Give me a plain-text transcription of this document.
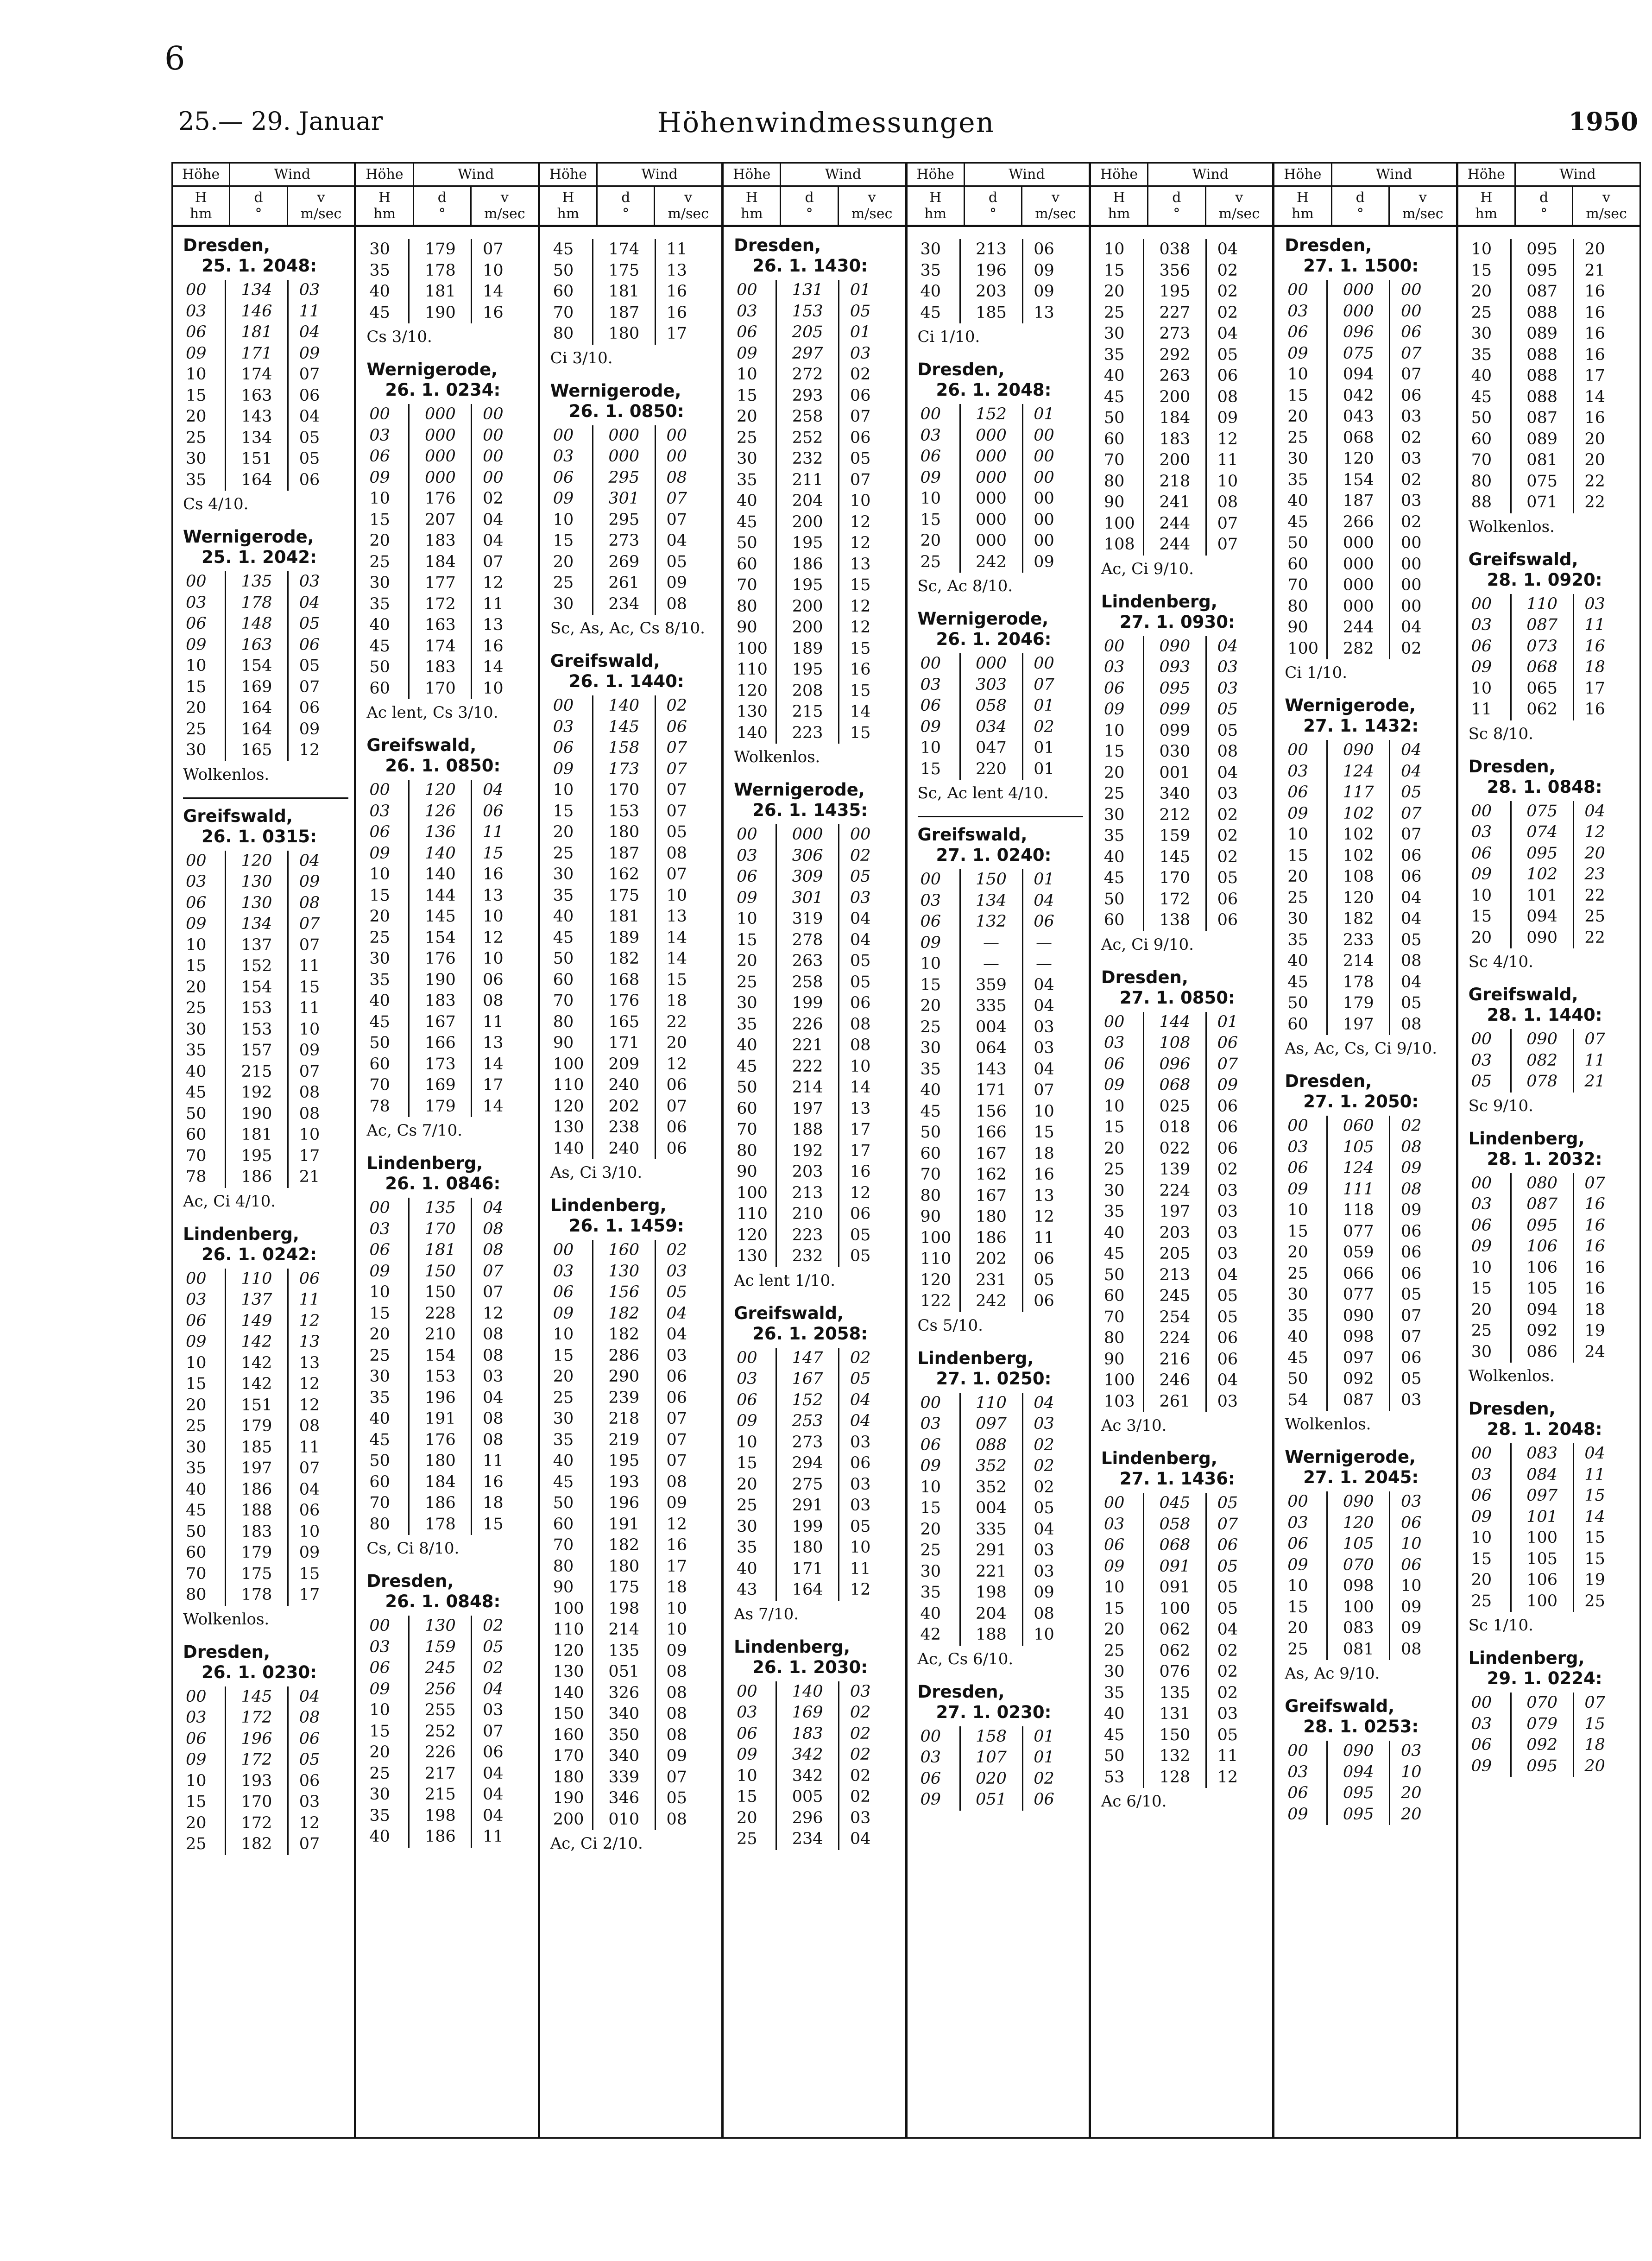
6
25.— 29. Januar	Höhenwindmessungen	1950
Höhe	Wind
H
hm
d
°
v
m/sec
Dresden,
25. 1. 2048:
00	134	03
03	146	11
06	181	04
09	171	09
10	174	07
15	163	06
20	143	04
25	134	05
30	151	05
35	164	06
Cs 4/10.
Wernigerode,
25. 1. 2042:
00	135	03
03	178	04
06	148	05
09	163	06
10	154	05
15	169	07
20	164	06
25	164	09
30	165	12
Wolkenlos.
Greifswald,
26. 1. 0315:
00	120	04
03	130	09
06	130	08
09	134	07
10	137	07
15	152	11
20	154	15
25	153	11
30	153	10
35	157	09
40	215	07
45	192	08
50	190	08
60	181	10
70	195	17
78	186	21
Ac, Ci 4/10.
Lindenberg,
26. 1. 0242:
00	110	06
03	137	11
06	149	12
09	142	13
10	142	13
15	142	12
20	151	12
25	179	08
30	185	11
35	197	07
40	186	04
45	188	06
50	183	10
60	179	09
70	175	15
80	178	17
Wolkenlos.
Dresden,
26. 1. 0230:
00	145	04
03	172	08
06	196	06
09	172	05
10	193	06
15	170	03
20	172	12
25	182	07
Höhe	Wind
H
hm
d
°
v
m/sec
30	179	07
35	178	10
40	181	14
45	190	16
Cs 3/10.
Wernigerode,
26. 1. 0234:
00	000	00
03	000	00
06	000	00
09	000	00
10	176	02
15	207	04
20	183	04
25	184	07
30	177	12
35	172	11
40	163	13
45	174	16
50	183	14
60	170	10
Ac lent, Cs 3/10.
Greifswald,
26. 1. 0850:
00	120	04
03	126	06
06	136	11
09	140	15
10	140	16
15	144	13
20	145	10
25	154	12
30	176	10
35	190	06
40	183	08
45	167	11
50	166	13
60	173	14
70	169	17
78	179	14
Ac, Cs 7/10.
Lindenberg,
26. 1. 0846:
00	135	04
03	170	08
06	181	08
09	150	07
10	150	07
15	228	12
20	210	08
25	154	08
30	153	03
35	196	04
40	191	08
45	176	08
50	180	11
60	184	16
70	186	18
80	178	15
Cs, Ci 8/10.
Dresden,
26. 1. 0848:
00	130	02
03	159	05
06	245	02
09	256	04
10	255	03
15	252	07
20	226	06
25	217	04
30	215	04
35	198	04
40	186	11
Höhe	Wind
H
hm
d
°
v
m/sec
45	174	11
50	175	13
60	181	16
70	187	16
80	180	17
Ci 3/10.
Wernigerode,
26. 1. 0850:
00	000	00
03	000	00
06	295	08
09	301	07
10	295	07
15	273	04
20	269	05
25	261	09
30	234	08
Sc, As, Ac, Cs 8/10.
Greifswald,
26. 1. 1440:
00	140	02
03	145	06
06	158	07
09	173	07
10	170	07
15	153	07
20	180	05
25	187	08
30	162	07
35	175	10
40	181	13
45	189	14
50	182	14
60	168	15
70	176	18
80	165	22
90	171	20
100	209	12
110	240	06
120	202	07
130	238	06
140	240	06
As, Ci 3/10.
Lindenberg,
26. 1. 1459:
00	160	02
03	130	03
06	156	05
09	182	04
10	182	04
15	286	03
20	290	06
25	239	06
30	218	07
35	219	07
40	195	07
45	193	08
50	196	09
60	191	12
70	182	16
80	180	17
90	175	18
100	198	10
110	214	10
120	135	09
130	051	08
140	326	08
150	340	08
160	350	08
170	340	09
180	339	07
190	346	05
200	010	08
Ac, Ci 2/10.
Höhe	Wind
H
hm
d
°
v
m/sec
Dresden,
26. 1. 1430:
00	131	01
03	153	05
06	205	01
09	297	03
10	272	02
15	293	06
20	258	07
25	252	06
30	232	05
35	211	07
40	204	10
45	200	12
50	195	12
60	186	13
70	195	15
80	200	12
90	200	12
100	189	15
110	195	16
120	208	15
130	215	14
140	223	15
Wolkenlos.
Wernigerode,
26. 1. 1435:
00	000	00
03	306	02
06	309	05
09	301	03
10	319	04
15	278	04
20	263	05
25	258	05
30	199	06
35	226	08
40	221	08
45	222	10
50	214	14
60	197	13
70	188	17
80	192	17
90	203	16
100	213	12
110	210	06
120	223	05
130	232	05
Ac lent 1/10.
Greifswald,
26. 1. 2058:
00	147	02
03	167	05
06	152	04
09	253	04
10	273	03
15	294	06
20	275	03
25	291	03
30	199	05
35	180	10
40	171	11
43	164	12
As 7/10.
Lindenberg,
26. 1. 2030:
00	140	03
03	169	02
06	183	02
09	342	02
10	342	02
15	005	02
20	296	03
25	234	04
Höhe	Wind
H
hm
d
°
v
m/sec
30	213	06
35	196	09
40	203	09
45	185	13
Ci 1/10.
Dresden,
26. 1. 2048:
00	152	01
03	000	00
06	000	00
09	000	00
10	000	00
15	000	00
20	000	00
25	242	09
Sc, Ac 8/10.
Wernigerode,
26. 1. 2046:
00	000	00
03	303	07
06	058	01
09	034	02
10	047	01
15	220	01
Sc, Ac lent 4/10.
Greifswald,
27. 1. 0240:
00	150	01
03	134	04
06	132	06
09	—	—
10	—	—
15	359	04
20	335	04
25	004	03
30	064	03
35	143	04
40	171	07
45	156	10
50	166	15
60	167	18
70	162	16
80	167	13
90	180	12
100	186	11
110	202	06
120	231	05
122	242	06
Cs 5/10.
Lindenberg,
27. 1. 0250:
00	110	04
03	097	03
06	088	02
09	352	02
10	352	02
15	004	05
20	335	04
25	291	03
30	221	03
35	198	09
40	204	08
42	188	10
Ac, Cs 6/10.
Dresden,
27. 1. 0230:
00	158	01
03	107	01
06	020	02
09	051	06
Höhe	Wind
H
hm
d
°
v
m/sec
10	038	04
15	356	02
20	195	02
25	227	02
30	273	04
35	292	05
40	263	06
45	200	08
50	184	09
60	183	12
70	200	11
80	218	10
90	241	08
100	244	07
108	244	07
Ac, Ci 9/10.
Lindenberg,
27. 1. 0930:
00	090	04
03	093	03
06	095	03
09	099	05
10	099	05
15	030	08
20	001	04
25	340	03
30	212	02
35	159	02
40	145	02
45	170	05
50	172	06
60	138	06
Ac, Ci 9/10.
Dresden,
27. 1. 0850:
00	144	01
03	108	06
06	096	07
09	068	09
10	025	06
15	018	06
20	022	06
25	139	02
30	224	03
35	197	03
40	203	03
45	205	03
50	213	04
60	245	05
70	254	05
80	224	06
90	216	06
100	246	04
103	261	03
Ac 3/10.
Lindenberg,
27. 1. 1436:
00	045	05
03	058	07
06	068	06
09	091	05
10	091	05
15	100	05
20	062	04
25	062	02
30	076	02
35	135	02
40	131	03
45	150	05
50	132	11
53	128	12
Ac 6/10.
Höhe	Wind
H
hm
d
°
v
m/sec
Dresden,
27. 1. 1500:
00	000	00
03	000	00
06	096	06
09	075	07
10	094	07
15	042	06
20	043	03
25	068	02
30	120	03
35	154	02
40	187	03
45	266	02
50	000	00
60	000	00
70	000	00
80	000	00
90	244	04
100	282	02
Ci 1/10.
Wernigerode,
27. 1. 1432:
00	090	04
03	124	04
06	117	05
09	102	07
10	102	07
15	102	06
20	108	06
25	120	04
30	182	04
35	233	05
40	214	08
45	178	04
50	179	05
60	197	08
As, Ac, Cs, Ci 9/10.
Dresden,
27. 1. 2050:
00	060	02
03	105	08
06	124	09
09	111	08
10	118	09
15	077	06
20	059	06
25	066	06
30	077	05
35	090	07
40	098	07
45	097	06
50	092	05
54	087	03
Wolkenlos.
Wernigerode,
27. 1. 2045:
00	090	03
03	120	06
06	105	10
09	070	06
10	098	10
15	100	09
20	083	09
25	081	08
As, Ac 9/10.
Greifswald,
28. 1. 0253:
00	090	03
03	094	10
06	095	20
09	095	20
Höhe	Wind
H
hm
d
°
v
m/sec
10	095	20
15	095	21
20	087	16
25	088	16
30	089	16
35	088	16
40	088	17
45	088	14
50	087	16
60	089	20
70	081	20
80	075	22
88	071	22
Wolkenlos.
Greifswald,
28. 1. 0920:
00	110	03
03	087	11
06	073	16
09	068	18
10	065	17
11	062	16
Sc 8/10.
Dresden,
28. 1. 0848:
00	075	04
03	074	12
06	095	20
09	102	23
10	101	22
15	094	25
20	090	22
Sc 4/10.
Greifswald,
28. 1. 1440:
00	090	07
03	082	11
05	078	21
Sc 9/10.
Lindenberg,
28. 1. 2032:
00	080	07
03	087	16
06	095	16
09	106	16
10	106	16
15	105	16
20	094	18
25	092	19
30	086	24
Wolkenlos.
Dresden,
28. 1. 2048:
00	083	04
03	084	11
06	097	15
09	101	14
10	100	15
15	105	15
20	106	19
25	100	25
Sc 1/10.
Lindenberg,
29. 1. 0224:
00	070	07
03	079	15
06	092	18
09	095	20
